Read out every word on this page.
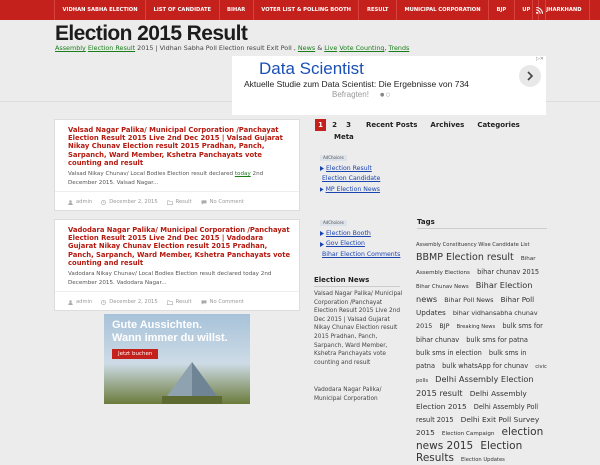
VIDHAN SABHA ELECTION	LIST OF CANDIDATE	BIHAR	VOTER LIST & POLLING BOOTH	RESULT	MUNICIPAL CORPORATION	BJP	UP	JHARKHAND
Election 2015 Result
Assembly Election Result 2015 | Vidhan Sabha Poll Election result Exit Poll , News & Live Vote Counting, Trends
Data Scientist
Aktuelle Studie zum Data Scientist: Die Ergebnisse von 734
Befragten! ● ○
▷✕
Valsad Nagar Palika/ Municipal Corporation /Panchayat Election Result 2015 Live 2nd Dec 2015 | Valsad Gujarat Nikay Chunav Election result 2015 Pradhan, Panch, Sarpanch, Ward Member, Kshetra Panchayats vote counting and result
Valsad Nikay Chunav/ Local Bodies Election result declared today 2nd December 2015. Valsad Nagar...
admin	December 2, 2015	Result	No Comment
Vadodara Nagar Palika/ Municipal Corporation /Panchayat Election Result 2015 Live 2nd Dec 2015 | Vadodara Gujarat Nikay Chunav Election result 2015 Pradhan, Panch, Sarpanch, Ward Member, Kshetra Panchayats vote counting and result
Vadodara Nikay Chunav/ Local Bodies Election result declared today 2nd December 2015. Vadodara Nagar...
admin	December 2, 2015	Result	No Comment
Gute Aussichten.
Wann immer du willst.
Jetzt buchen
1	2	3	Recent Posts Archives Categories
Meta
AdChoices
Election Result
Election Candidate
MP Election News
AdChoices
Election Booth
Gov Election
Bihar Election Comments
Election News
Valsad Nagar Palika/ Municipal Corporation /Panchayat Election Result 2015 Live 2nd Dec 2015 | Valsad Gujarat Nikay Chunav Election result 2015 Pradhan, Panch, Sarpanch, Ward Member, Kshetra Panchayats vote counting and result
Vadodara Nagar Palika/ Municipal Corporation
Tags
Assembly Constituency Wise Candidate List BBMP Election result Bihar Assembly Elections bihar chunav 2015 Bihar Chunav News Bihar Election news Bihar Poll News Bihar Poll Updates bihar vidhansabha chunav 2015 BJP Breaking News bulk sms for bihar chunav bulk sms for patna bulk sms in election bulk sms in patna bulk whatsApp for chunav civic polls Delhi Assembly Election 2015 result Delhi Assembly Election 2015 Delhi Assembly Poll result 2015 Delhi Exit Poll Survey 2015 Election Campaign election news 2015 Election Results Election Updates
